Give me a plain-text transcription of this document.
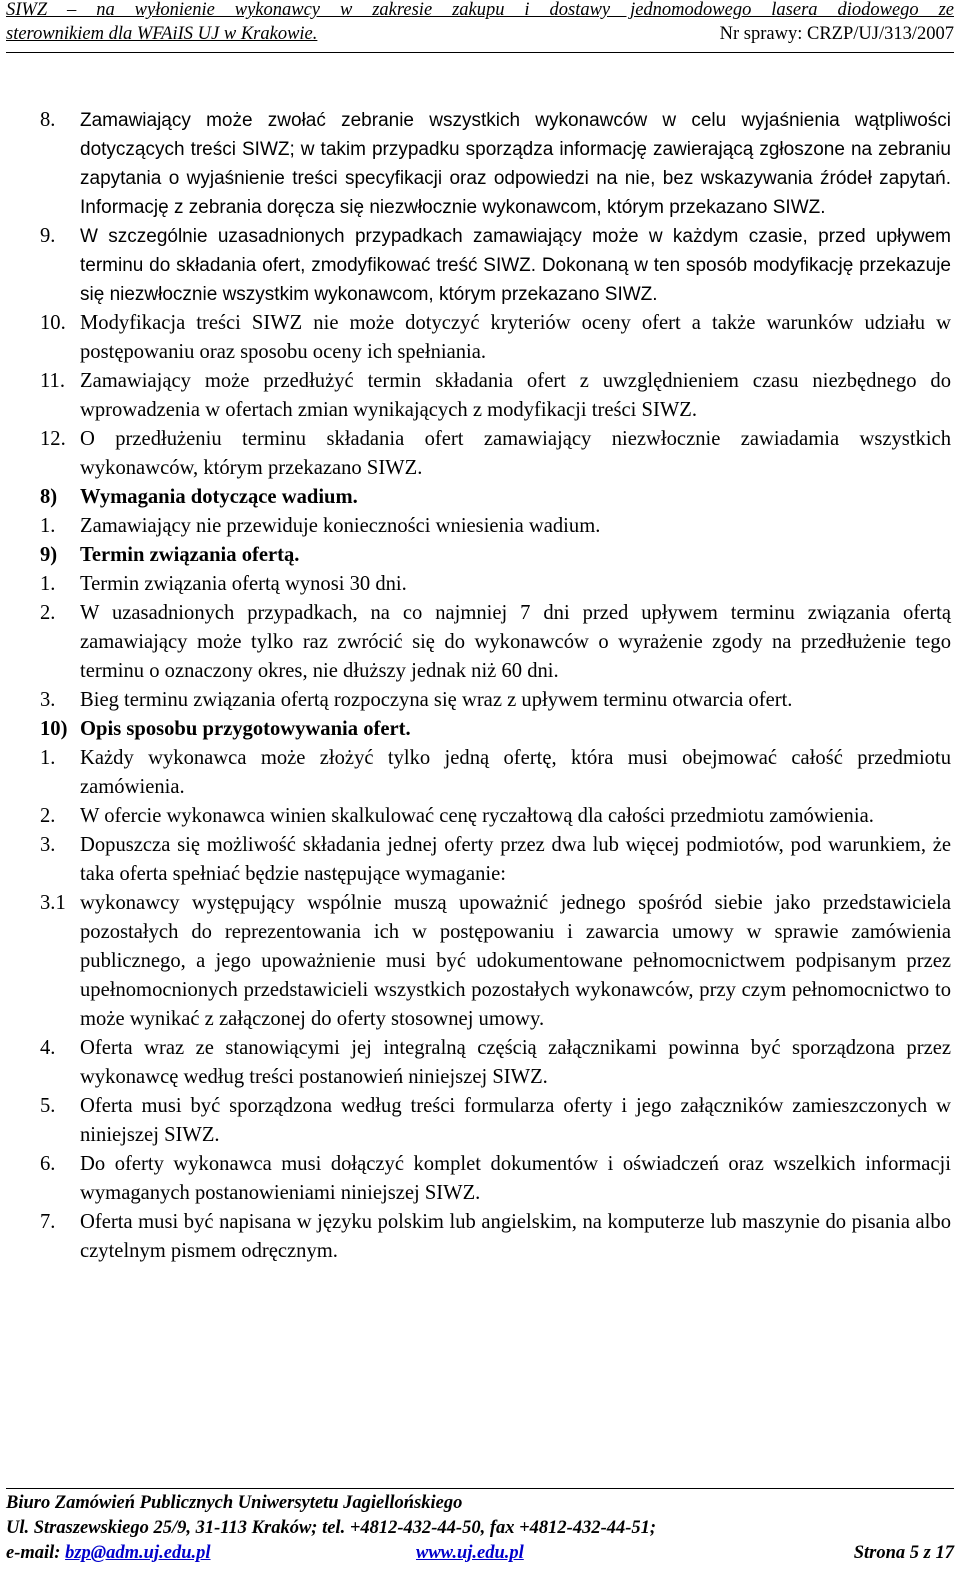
SIWZ – na wyłonienie wykonawcy w zakresie zakupu i dostawy jednomodowego lasera diodowego ze
sterownikiem dla WFAiIS UJ w Krakowie.	Nr sprawy: CRZP/UJ/313/2007
8.	Zamawiający może zwołać zebranie wszystkich wykonawców w celu wyjaśnienia wątpliwości dotyczących treści SIWZ; w takim przypadku sporządza informację zawierającą zgłoszone na zebraniu zapytania o wyjaśnienie treści specyfikacji oraz odpowiedzi na nie, bez wskazywania źródeł zapytań. Informację z zebrania doręcza się niezwłocznie wykonawcom, którym przekazano SIWZ.
9.	W szczególnie uzasadnionych przypadkach zamawiający może w każdym czasie, przed upływem terminu do składania ofert, zmodyfikować treść SIWZ. Dokonaną w ten sposób modyfikację przekazuje się niezwłocznie wszystkim wykonawcom, którym przekazano SIWZ.
10. Modyfikacja treści SIWZ nie może dotyczyć kryteriów oceny ofert a także warunków udziału w postępowaniu oraz sposobu oceny ich spełniania.
11. Zamawiający może przedłużyć termin składania ofert z uwzględnieniem czasu niezbędnego do wprowadzenia w ofertach zmian wynikających z modyfikacji treści SIWZ.
12. O przedłużeniu terminu składania ofert zamawiający niezwłocznie zawiadamia wszystkich wykonawców, którym przekazano SIWZ.
8)	Wymagania dotyczące wadium.
1.	Zamawiający nie przewiduje konieczności wniesienia wadium.
9)	Termin związania ofertą.
1.	Termin związania ofertą wynosi 30 dni.
2.	W uzasadnionych przypadkach, na co najmniej 7 dni przed upływem terminu związania ofertą zamawiający może tylko raz zwrócić się do wykonawców o wyrażenie zgody na przedłużenie tego terminu o oznaczony okres, nie dłuższy jednak niż 60 dni.
3.	Bieg terminu związania ofertą rozpoczyna się wraz z upływem terminu otwarcia ofert.
10) Opis sposobu przygotowywania ofert.
1.	Każdy wykonawca może złożyć tylko jedną ofertę, która musi obejmować całość przedmiotu zamówienia.
2.	W ofercie wykonawca winien skalkulować cenę ryczałtową dla całości przedmiotu zamówienia.
3.	Dopuszcza się możliwość składania jednej oferty przez dwa lub więcej podmiotów, pod warunkiem, że taka oferta spełniać będzie następujące wymaganie:
3.1 wykonawcy występujący wspólnie muszą upoważnić jednego spośród siebie jako przedstawiciela pozostałych do reprezentowania ich w postępowaniu i zawarcia umowy w sprawie zamówienia publicznego, a jego upoważnienie musi być udokumentowane pełnomocnictwem podpisanym przez upełnomocnionych przedstawicieli wszystkich pozostałych wykonawców, przy czym pełnomocnictwo to może wynikać z załączonej do oferty stosownej umowy.
4.	Oferta wraz ze stanowiącymi jej integralną częścią załącznikami powinna być sporządzona przez wykonawcę według treści postanowień niniejszej SIWZ.
5.	Oferta musi być sporządzona według treści formularza oferty i jego załączników zamieszczonych w niniejszej SIWZ.
6.	Do oferty wykonawca musi dołączyć komplet dokumentów i oświadczeń oraz wszelkich informacji wymaganych postanowieniami niniejszej SIWZ.
7.	Oferta musi być napisana w języku polskim lub angielskim, na komputerze lub maszynie do pisania albo czytelnym pismem odręcznym.
Biuro Zamówień Publicznych Uniwersytetu Jagiellońskiego
Ul. Straszewskiego 25/9, 31-113 Kraków; tel. +4812-432-44-50, fax +4812-432-44-51;
e-mail: bzp@adm.uj.edu.pl	www.uj.edu.pl	Strona 5 z 17
